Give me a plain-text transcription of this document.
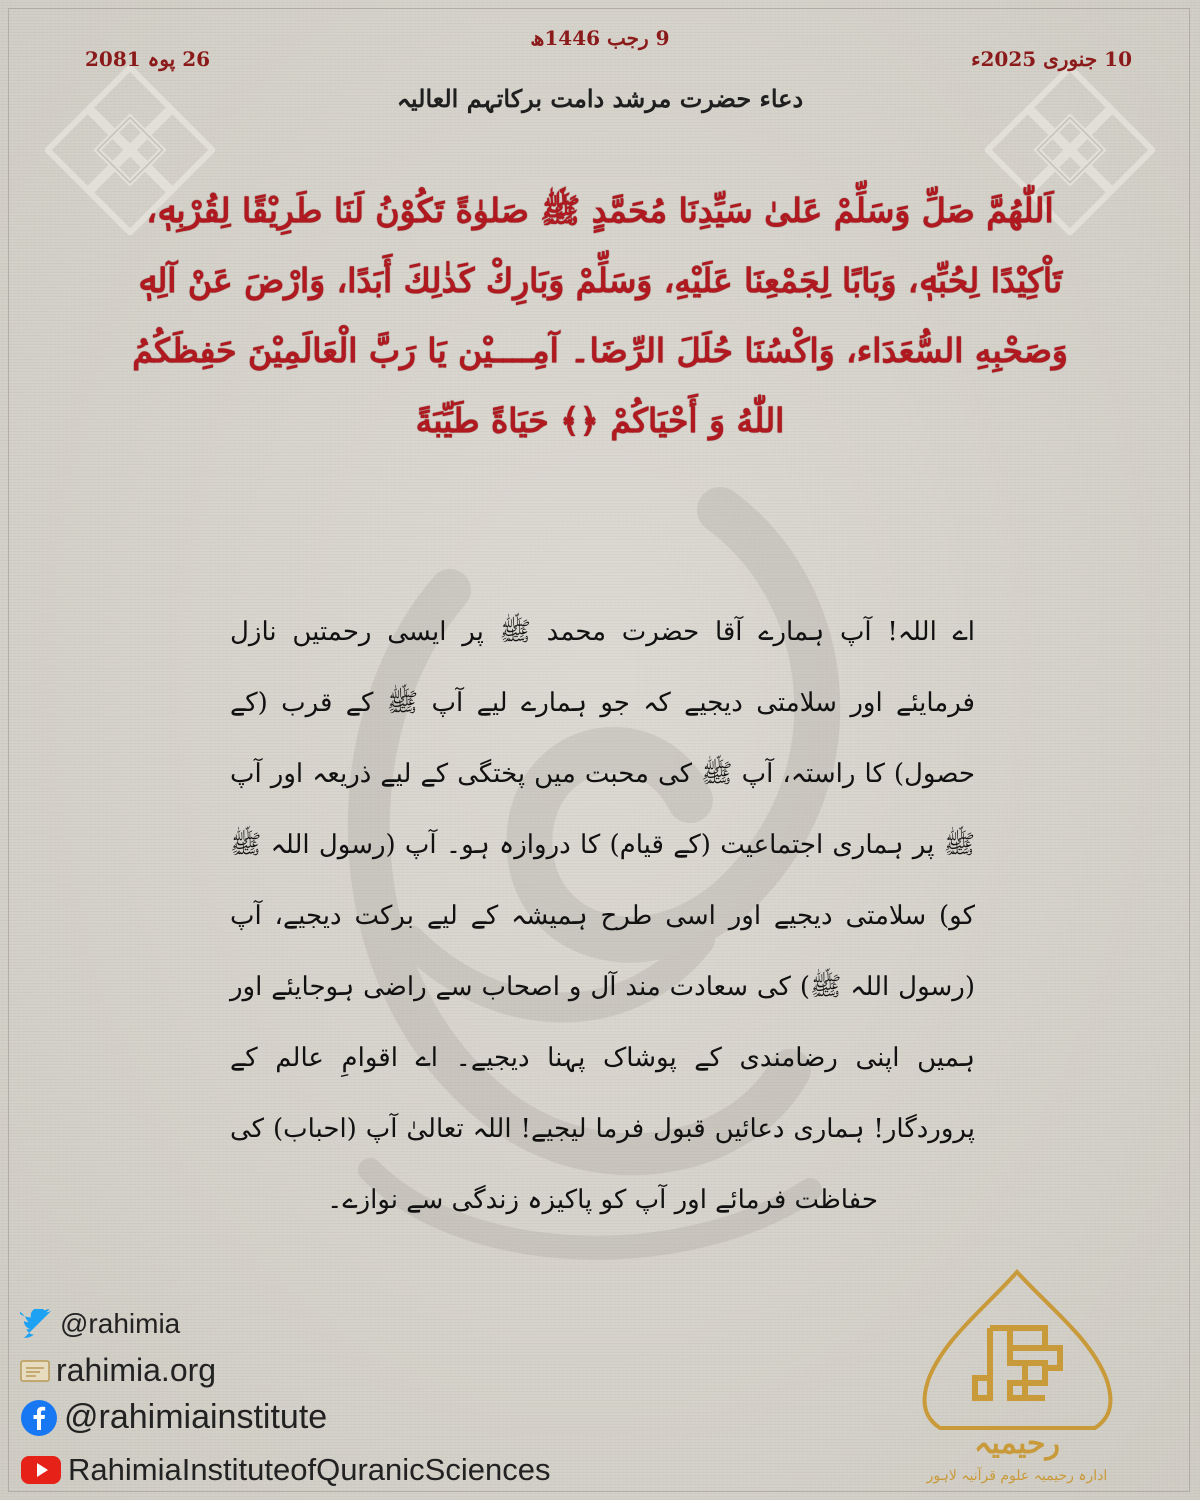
9 رجب 1446ھ
10 جنوری 2025ء
26 پوہ 2081
دعاء حضرت مرشد دامت برکاتہم العالیہ
اَللّٰهُمَّ صَلِّ وَسَلِّمْ عَلىٰ سَيِّدِنَا مُحَمَّدٍ ﷺ صَلوٰةً تَكُوْنُ لَنَا طَرِيْقًا لِقُرْبِهٖ، تَاْكِيْدًا لِحُبِّهٖ، وَبَابًا لِجَمْعِنَا عَلَيْهِ، وَسَلِّمْ وَبَارِكْ كَذٰلِكَ أَبَدًا، وَارْضَ عَنْ آلِهٖ وَصَحْبِهِ السُّعَدَاء، وَاكْسُنَا حُلَلَ الرِّضَا۔ آمِــــيْن يَا رَبَّ الْعَالَمِيْنَ حَفِظَكُمُ اللّٰهُ وَ أَحْيَاكُمْ ﴿﴾ حَيَاةً طَيِّبَةً
اے اللہ! آپ ہمارے آقا حضرت محمد ﷺ پر ایسی رحمتیں نازل فرمایئے اور سلامتی دیجیے کہ جو ہمارے لیے آپ ﷺ کے قرب (کے حصول) کا راستہ، آپ ﷺ کی محبت میں پختگی کے لیے ذریعہ اور آپ ﷺ پر ہماری اجتماعیت (کے قیام) کا دروازہ ہو۔ آپ (رسول اللہ ﷺ کو) سلامتی دیجیے اور اسی طرح ہمیشہ کے لیے برکت دیجیے، آپ (رسول اللہ ﷺ) کی سعادت مند آل و اصحاب سے راضی ہوجایئے اور ہمیں اپنی رضامندی کے پوشاک پہنا دیجیے۔ اے اقوامِ عالم کے پروردگار! ہماری دعائیں قبول فرما لیجیے! اللہ تعالیٰ آپ (احباب) کی حفاظت فرمائے اور آپ کو پاکیزہ زندگی سے نوازے۔
@rahimia
rahimia.org
@rahimiainstitute
RahimiaInstituteofQuranicSciences
رحیمیہ
ادارہ رحیمیہ علوم قرآنیہ لاہور
